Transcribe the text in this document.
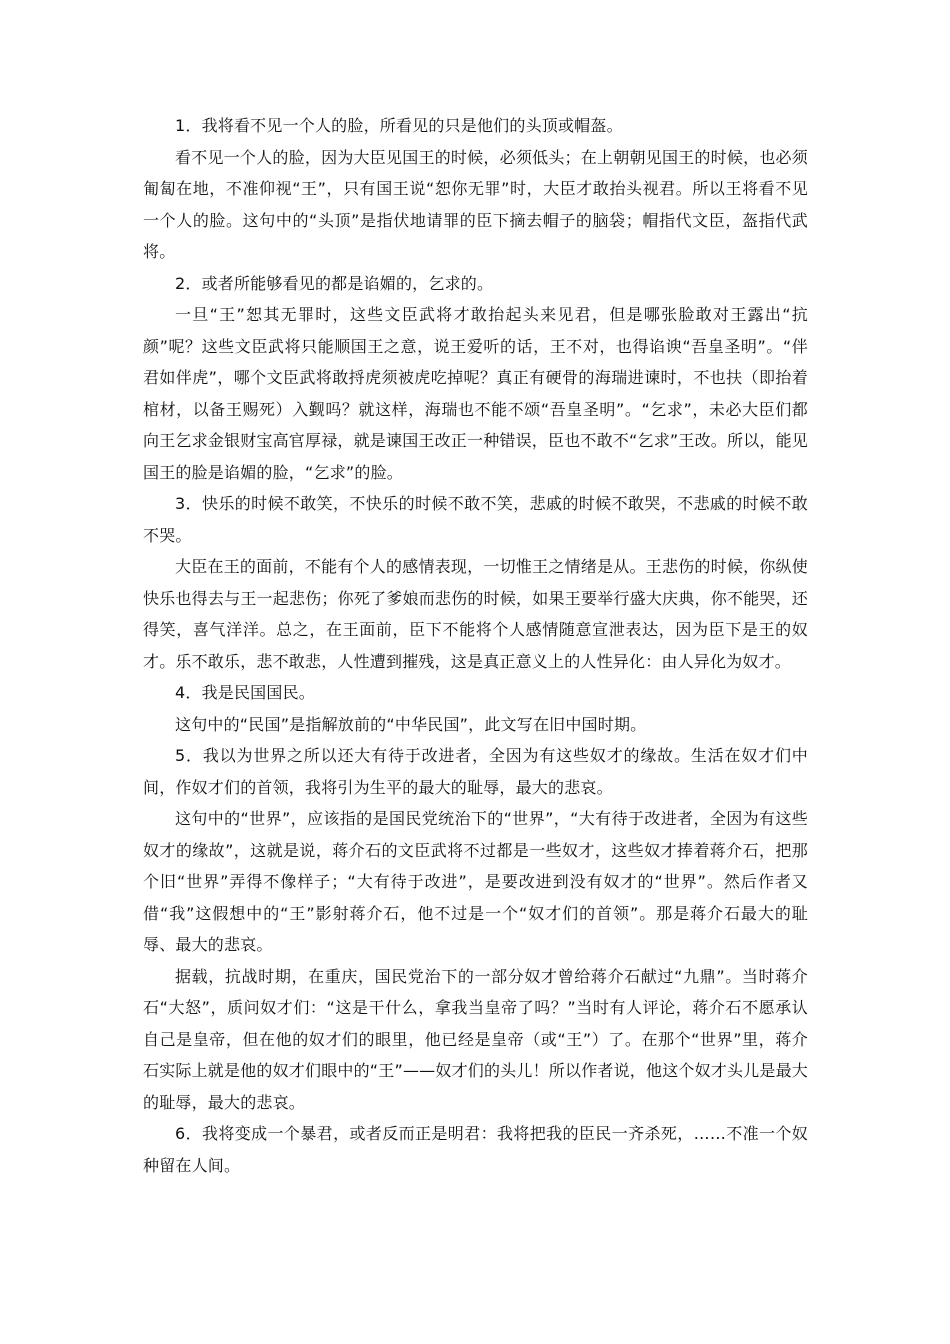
1．我将看不见一个人的脸，所看见的只是他们的头顶或帽盔。

看不见一个人的脸，因为大臣见国王的时候，必须低头；在上朝朝见国王的时候，也必须匍匐在地，不准仰视“王”，只有国王说“恕你无罪”时，大臣才敢抬头视君。所以王将看不见一个人的脸。这句中的“头顶”是指伏地请罪的臣下摘去帽子的脑袋；帽指代文臣，盔指代武将。

2．或者所能够看见的都是谄媚的，乞求的。

一旦“王”恕其无罪时，这些文臣武将才敢抬起头来见君，但是哪张脸敢对王露出“抗颜”呢？这些文臣武将只能顺国王之意，说王爱听的话，王不对，也得谄谀“吾皇圣明”。“伴君如伴虎”，哪个文臣武将敢捋虎须被虎吃掉呢？真正有硬骨的海瑞进谏时，不也扶（即抬着棺材，以备王赐死）入觐吗？就这样，海瑞也不能不颂“吾皇圣明”。“乞求”，未必大臣们都向王乞求金银财宝高官厚禄，就是谏国王改正一种错误，臣也不敢不“乞求”王改。所以，能见国王的脸是谄媚的脸，“乞求”的脸。

3．快乐的时候不敢笑，不快乐的时候不敢不笑，悲戚的时候不敢哭，不悲戚的时候不敢不哭。

大臣在王的面前，不能有个人的感情表现，一切惟王之情绪是从。王悲伤的时候，你纵使快乐也得去与王一起悲伤；你死了爹娘而悲伤的时候，如果王要举行盛大庆典，你不能哭，还得笑，喜气洋洋。总之，在王面前，臣下不能将个人感情随意宣泄表达，因为臣下是王的奴才。乐不敢乐，悲不敢悲，人性遭到摧残，这是真正意义上的人性异化：由人异化为奴才。

4．我是民国国民。

这句中的“民国”是指解放前的“中华民国”，此文写在旧中国时期。

5．我以为世界之所以还大有待于改进者，全因为有这些奴才的缘故。生活在奴才们中间，作奴才们的首领，我将引为生平的最大的耻辱，最大的悲哀。

这句中的“世界”，应该指的是国民党统治下的“世界”，“大有待于改进者，全因为有这些奴才的缘故”，这就是说，蒋介石的文臣武将不过都是一些奴才，这些奴才捧着蒋介石，把那个旧“世界”弄得不像样子；“大有待于改进”，是要改进到没有奴才的“世界”。然后作者又借“我”这假想中的“王”影射蒋介石，他不过是一个“奴才们的首领”。那是蒋介石最大的耻辱、最大的悲哀。

据载，抗战时期，在重庆，国民党治下的一部分奴才曾给蒋介石献过“九鼎”。当时蒋介石“大怒”，质问奴才们：“这是干什么，拿我当皇帝了吗？”当时有人评论，蒋介石不愿承认自己是皇帝，但在他的奴才们的眼里，他已经是皇帝（或“王”）了。在那个“世界”里，蒋介石实际上就是他的奴才们眼中的“王”——奴才们的头儿！所以作者说，他这个奴才头儿是最大的耻辱，最大的悲哀。

6．我将变成一个暴君，或者反而正是明君：我将把我的臣民一齐杀死，……不准一个奴种留在人间。
